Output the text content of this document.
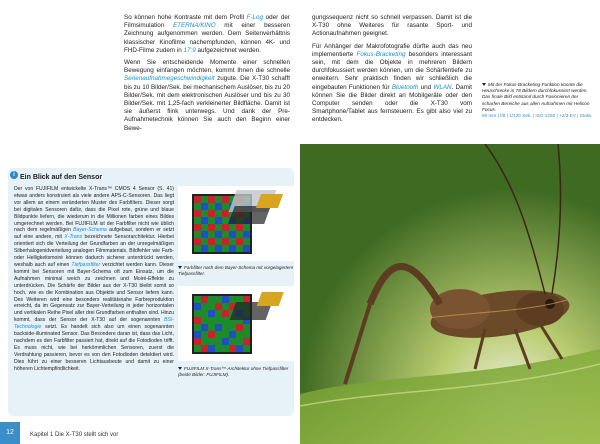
So können hohe Kontraste mit dem Profil F-Log oder der Filmsimulation ETERNA/KINO mit einer besseren Zeichnung aufgenommen werden. Dem Seitenverhältnis klassischer Kinofilme nachempfunden, können 4K- und FHD-Filme zudem in 17:9 aufgezeichnet werden.

Wenn Sie entscheidende Momente einer schnellen Bewegung einfangen möchten, kommt Ihnen die schnelle Serienaufnahmegeschwindigkeit zugute. Die X-T30 schafft bis zu 10 Bilder/Sek. bei mechanischem Auslöser, bis zu 20 Bilder/Sek. mit dem elektronischen Auslöser und bis zu 30 Bilder/Sek. mit 1,25-fach verkleinerter Bildfläche. Damit ist sie äußerst flink unterwegs. Und dank der Pre-Aufnahmetechnik können Sie auch den Beginn einer Bewe-

i Ein Blick auf den Sensor
Der von FUJIFILM entwickelte X-Trans™ CMOS 4 Sensor (S. 41) etwas anders konstruiert als viele andere APS-C-Sensoren. Das liegt vor allem an einem veränderten Muster des Farbfilters. Dieser sorgt bei digitalen Sensoren dafür, dass die Pixel rote, grüne und blaue Bildpunkte liefern, die wiederum in die Millionen farben eines Bildes umgerechnet werden. Bei FUJIFILM ist der Farbfilter nicht wie üblich nach dem regelmäßigen Bayer-Schema aufgebaut, sondern er setzt auf eine andere, mit X-Trans bezeichnete Sensorarchitektur. Hierbei orientiert sich die Verteilung der Grundfarben an der unregelmäßigen Silberhalogenidverteilung analogen Filmmaterials. Bildfehler wie Farb- oder Helligkeitsmoiré können dadurch sicherer unterdrückt werden, weshalb auch auf einen Tiefpassfilter verzichtet werden kann. Dieser kommt bei Sensoren mit Bayer-Schema oft zum Einsatz, um die Aufnahmen minimal weich zu zeichnen und Moiré-Effekte zu unterdrücken. Die Schärfe der Bilder aus der X-T30 bleibt somit so hoch, wie es die Kombination aus Objektiv und Sensor liefern kann. Des Weiteren wird eine besonders realitätsnahe Farbreproduktion erreicht, da im Gegensatz zur Bayer-Verteilung in jeder horizontalen und vertikalen Reihe Pixel aller drei Grundfarben enthalten sind. Hinzu kommt, dass der Sensor der X-T30 auf der sogenannten BSI-Technologie setzt. Es handelt sich also um einen sogenannten backside-illuminated Sensor. Das Besondere daran ist, dass das Licht, nachdem es den Farbfilter passiert hat, direkt auf die Fotodioden trifft. Es muss nicht, wie bei herkömmlichen Sensoren, zuerst die Verdrahtung passieren, bevor es von den Fotodioden detektiert wird. Dies führt zu einer besseren Lichtausbeute und damit zu einer höheren Lichtempfindlichkeit.
Farbfilter nach dem Bayer-Schema mit vorgelagertem Tiefpassfilter.
FUJIFILM X-Trans™-Architektur ohne Tiefpassfilter (beide Bilder: FUJIFILM).
12	Kapitel 1 Die X-T30 stellt sich vor

gungssequenz nicht so schnell verpassen. Damit ist die X-T30 ohne Weiteres für rasante Sport- und Actionaufnahmen geeignet.

Für Anhänger der Makrofotografie dürfte auch das neu implementierte Fokus-Bracketing besonders interessant sein, mit dem die Objekte in mehreren Bildern durchfokussiert werden können, um die Schärfentiefe zu erweitern. Sehr praktisch finden wir schließlich die eingebauten Funktionen für Bluetooth und WLAN. Damit können Sie die Bilder direkt an Mobilgeräte oder den Computer senden oder die X-T30 vom Smartphone/Tablet aus fernsteuern. Es gibt also viel zu entdecken.

Mit der Fokus-Bracketing-Funktion konnte die Heuschrecke in 78 Bildern durchfokussiert werden. Das finale Bild entstand durch Fusionieren der scharfen Bereiche aus allen Aufnahmen mit Helicon Focus.
80 mm | f/8 | 1/120 Sek. | ISO 1250 | +2/3 EV | Stativ.
